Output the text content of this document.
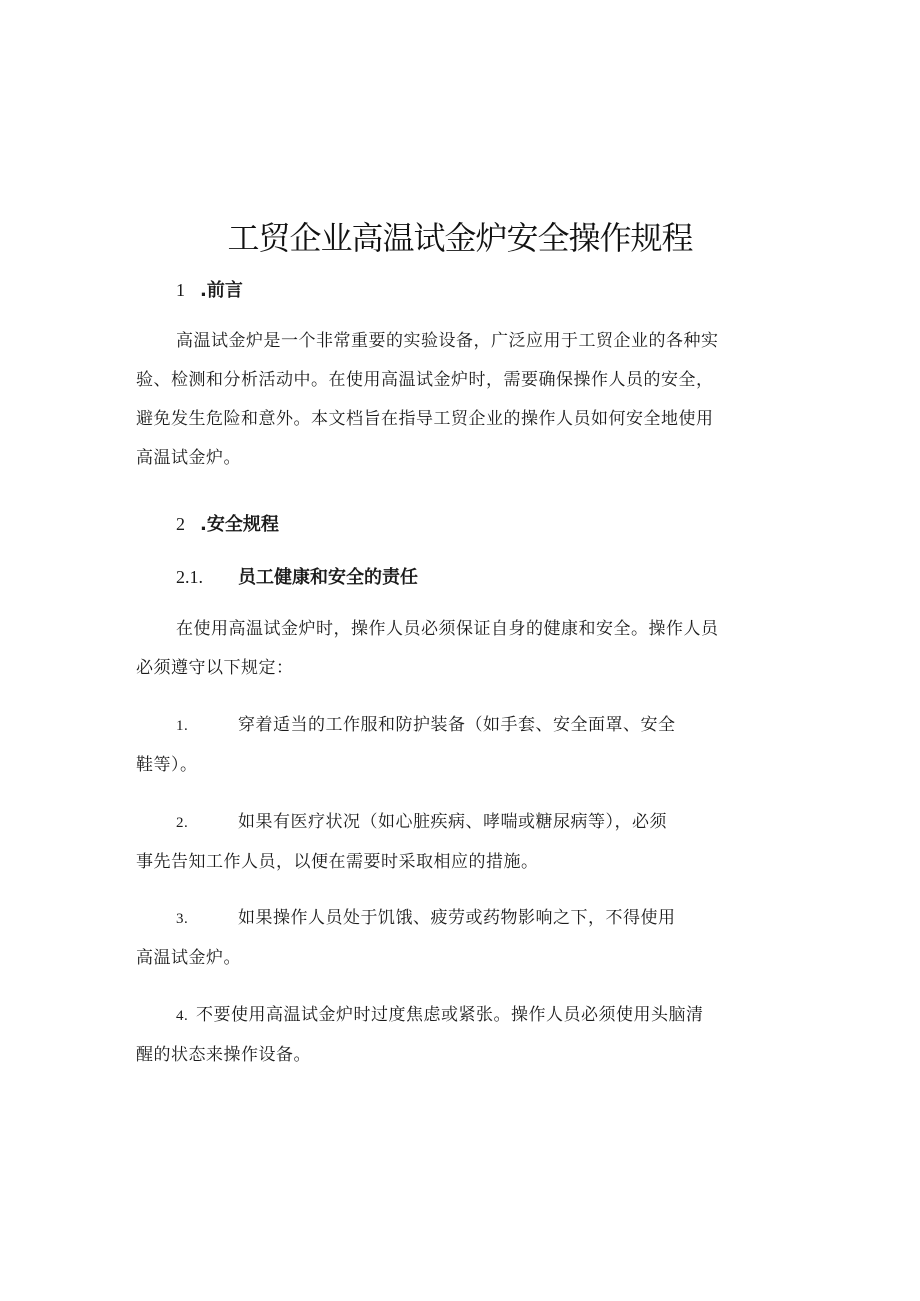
工贸企业高温试金炉安全操作规程
1 .前言
高温试金炉是一个非常重要的实验设备，广泛应用于工贸企业的各种实
验、检测和分析活动中。在使用高温试金炉时，需要确保操作人员的安全，
避免发生危险和意外。本文档旨在指导工贸企业的操作人员如何安全地使用
高温试金炉。
2 .安全规程
2.1. 员工健康和安全的责任
在使用高温试金炉时，操作人员必须保证自身的健康和安全。操作人员
必须遵守以下规定：
1.	穿着适当的工作服和防护装备（如手套、安全面罩、安全
鞋等）。
2.	如果有医疗状况（如心脏疾病、哮喘或糖尿病等），必须
事先告知工作人员，以便在需要时采取相应的措施。
3.	如果操作人员处于饥饿、疲劳或药物影响之下，不得使用
高温试金炉。
4. 不要使用高温试金炉时过度焦虑或紧张。操作人员必须使用头脑清
醒的状态来操作设备。
